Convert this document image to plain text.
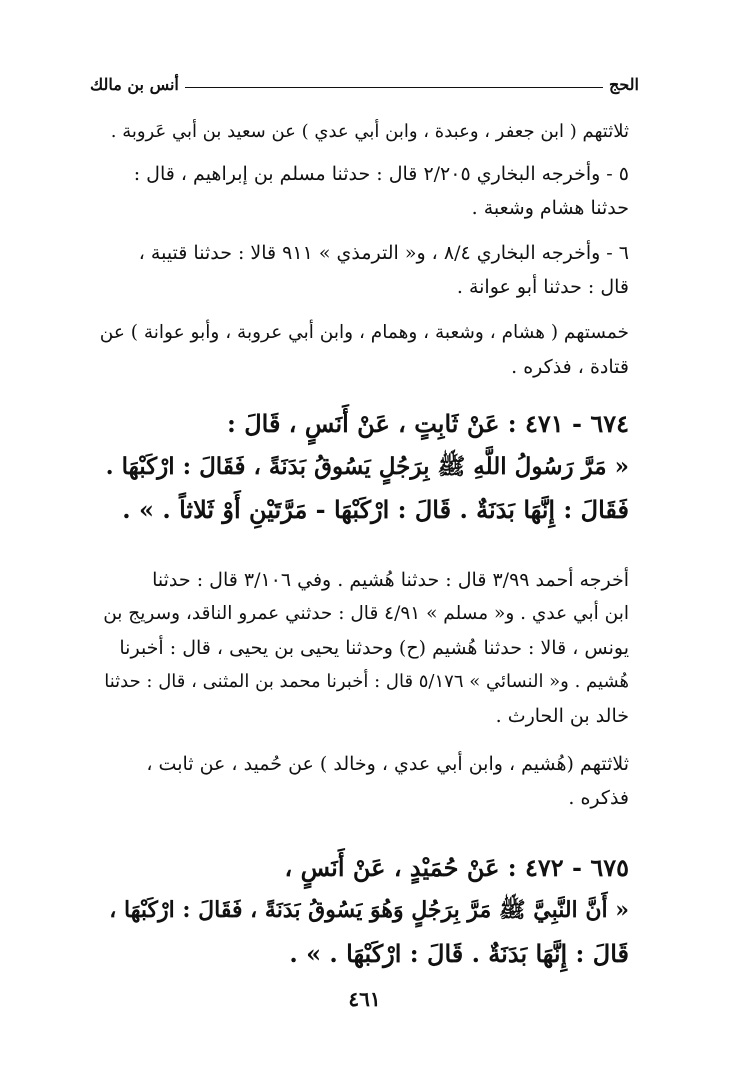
الحج
أنس بن مالك
ثلاثتهم ( ابن جعفر ، وعبدة ، وابن أبي عدي ) عن سعيد بن أبي عَروبة .
٥ - وأخرجه البخاري ٢/٢٠٥ قال : حدثنا مسلم بن إبراهيم ، قال :
حدثنا هشام وشعبة .
٦ - وأخرجه البخاري ٨/٤ ، و« الترمذي » ٩١١ قالا : حدثنا قتيبة ،
قال : حدثنا أبو عوانة .
خمستهم ( هشام ، وشعبة ، وهمام ، وابن أبي عروبة ، وأبو عوانة ) عن
قتادة ، فذكره .
٦٧٤ - ٤٧١ : عَنْ ثَابِتٍ ، عَنْ أَنَسٍ ، قَالَ :
« مَرَّ رَسُولُ اللَّهِ ﷺ بِرَجُلٍ يَسُوقُ بَدَنَةً ، فَقَالَ : ارْكَبْهَا .
فَقَالَ : إِنَّهَا بَدَنَةٌ . قَالَ : ارْكَبْهَا - مَرَّتَيْنِ أَوْ ثَلاثاً . » .
أخرجه أحمد ٣/٩٩ قال : حدثنا هُشيم . وفي ٣/١٠٦ قال : حدثنا
ابن أبي عدي . و« مسلم » ٤/٩١ قال : حدثني عمرو الناقد، وسريج بن
يونس ، قالا : حدثنا هُشيم (ح) وحدثنا يحيى بن يحيى ، قال : أخبرنا
هُشيم . و« النسائي » ٥/١٧٦ قال : أخبرنا محمد بن المثنى ، قال : حدثنا
خالد بن الحارث .
ثلاثتهم (هُشيم ، وابن أبي عدي ، وخالد ) عن حُميد ، عن ثابت ،
فذكره .
٦٧٥ - ٤٧٢ : عَنْ حُمَيْدٍ ، عَنْ أَنَسٍ ،
« أَنَّ النَّبِيَّ ﷺ مَرَّ بِرَجُلٍ وَهُوَ يَسُوقُ بَدَنَةً ، فَقَالَ : ارْكَبْهَا ،
قَالَ : إِنَّهَا بَدَنَةٌ . قَالَ : ارْكَبْهَا . » .
٤٦١
